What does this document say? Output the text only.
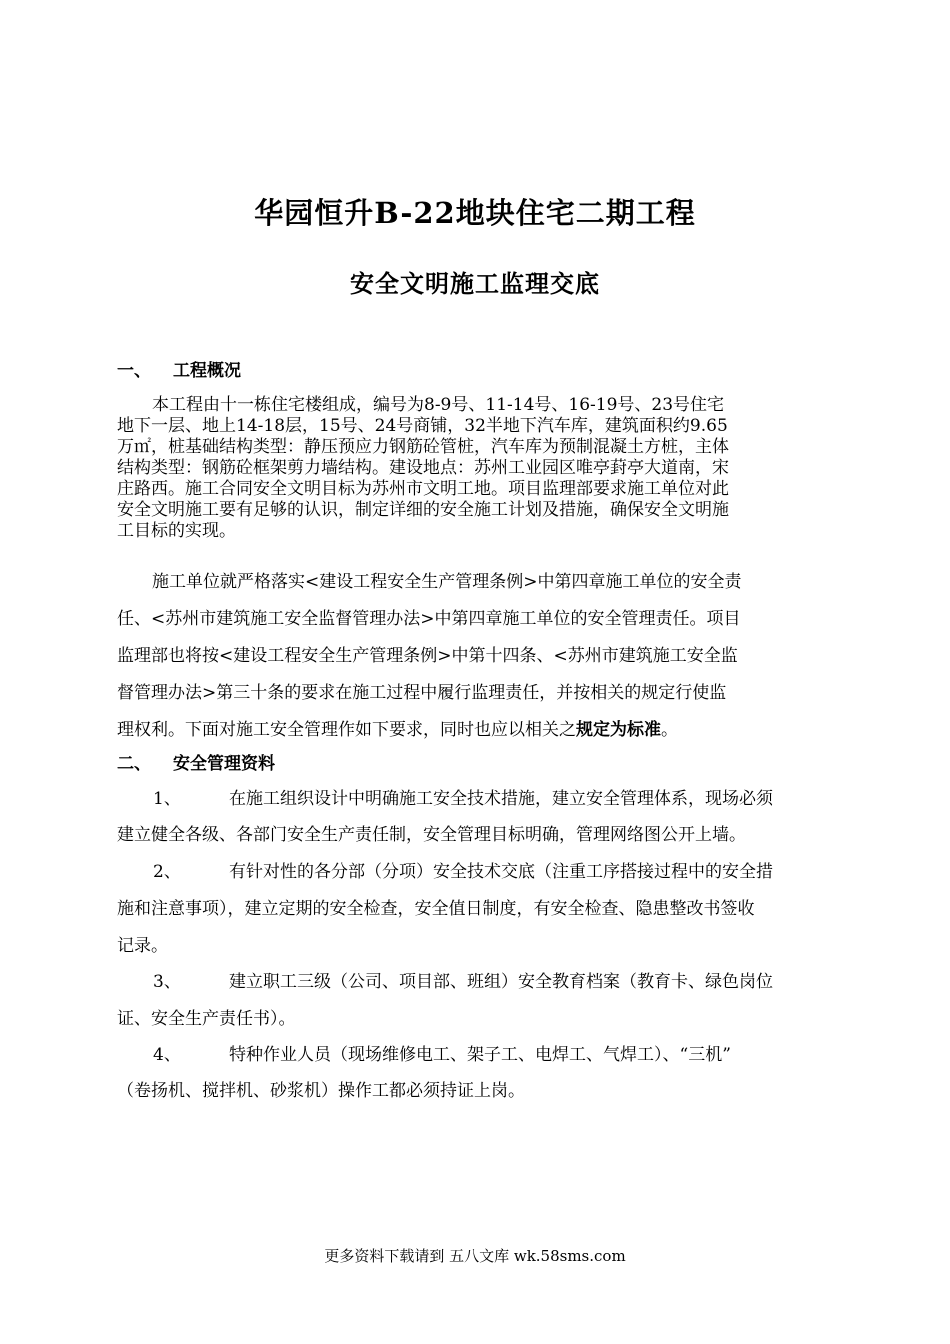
华园恒升B-22地块住宅二期工程
安全文明施工监理交底
一、 工程概况
本工程由十一栋住宅楼组成，编号为8-9号、11-14号、16-19号、23号住宅
地下一层、地上14-18层，15号、24号商铺，32半地下汽车库，建筑面积约9.65
万㎡，桩基础结构类型：静压预应力钢筋砼管桩，汽车库为预制混凝土方桩，主体
结构类型：钢筋砼框架剪力墙结构。建设地点：苏州工业园区唯亭葑亭大道南，宋
庄路西。施工合同安全文明目标为苏州市文明工地。项目监理部要求施工单位对此
安全文明施工要有足够的认识，制定详细的安全施工计划及措施，确保安全文明施
工目标的实现。
施工单位就严格落实<建设工程安全生产管理条例>中第四章施工单位的安全责
任、<苏州市建筑施工安全监督管理办法>中第四章施工单位的安全管理责任。项目
监理部也将按<建设工程安全生产管理条例>中第十四条、<苏州市建筑施工安全监
督管理办法>第三十条的要求在施工过程中履行监理责任，并按相关的规定行使监
理权利。下面对施工安全管理作如下要求，同时也应以相关之规定为标准。
二、 安全管理资料
1、	在施工组织设计中明确施工安全技术措施，建立安全管理体系，现场必须
建立健全各级、各部门安全生产责任制，安全管理目标明确，管理网络图公开上墙。
2、	有针对性的各分部（分项）安全技术交底（注重工序搭接过程中的安全措
施和注意事项），建立定期的安全检查，安全值日制度，有安全检查、隐患整改书签收
记录。
3、	建立职工三级（公司、项目部、班组）安全教育档案（教育卡、绿色岗位
证、安全生产责任书）。
4、	特种作业人员（现场维修电工、架子工、电焊工、气焊工）、“三机”
（卷扬机、搅拌机、砂浆机）操作工都必须持证上岗。
更多资料下载请到 五八文库 wk.58sms.com
